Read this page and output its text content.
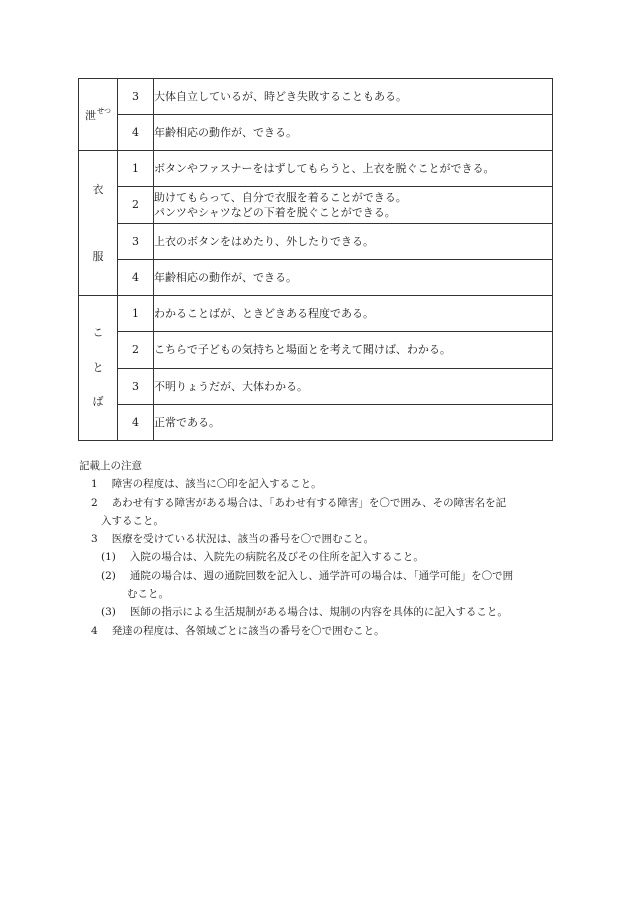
泄$^{せつ}$	3	大体自立しているが、時どき失敗することもある。
	4	年齢相応の動作が、できる。

衣
服	1	ボタンやファスナーをはずしてもらうと、上衣を脱ぐことができる。
	2	助けてもらって、自分で衣服を着ることができる。
パンツやシャツなどの下着を脱ぐことができる。

	3	上衣のボタンをはめたり、外したりできる。
	4	年齢相応の動作が、できる。

こ
と
ば	1	わかることばが、ときどきある程度である。
	2	こちらで子どもの気持ちと場面とを考えて聞けば、わかる。
	3	不明りょうだが、大体わかる。
	4	正常である。
記載上の注意
1 障害の程度は、該当に〇印を記入すること。
2 あわせ有する障害がある場合は、「あわせ有する障害」を〇で囲み、その障害名を記
入すること。
3 医療を受けている状況は、該当の番号を〇で囲むこと。
(1) 入院の場合は、入院先の病院名及びその住所を記入すること。
(2) 通院の場合は、週の通院回数を記入し、通学許可の場合は、「通学可能」を〇で囲
むこと。
(3) 医師の指示による生活規制がある場合は、規制の内容を具体的に記入すること。
4 発達の程度は、各領域ごとに該当の番号を〇で囲むこと。
